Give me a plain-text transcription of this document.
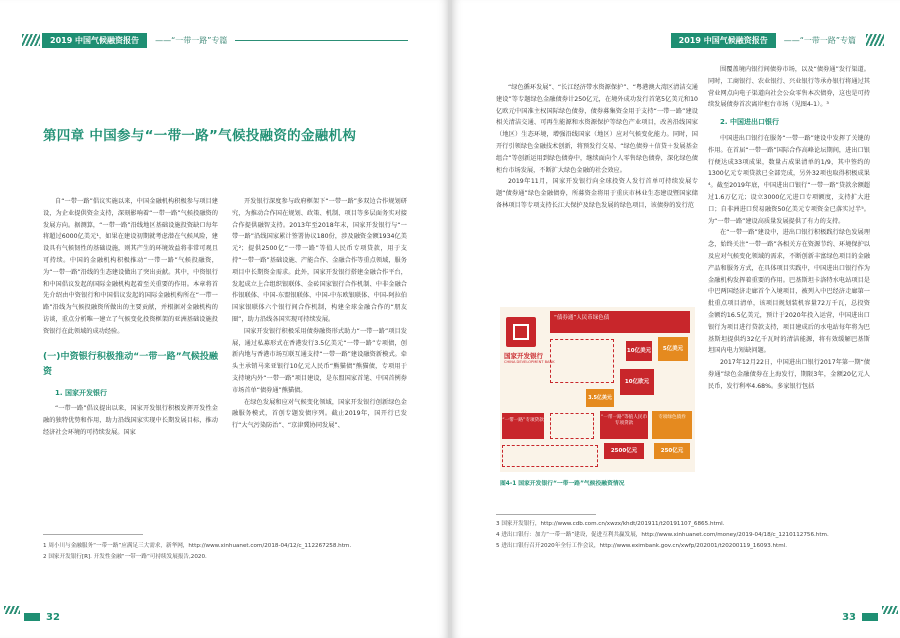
2019 中国气候融资报告	——“一带一路”专篇
第四章 中国参与“一带一路”气候投融资的金融机构

自“一带一路”倡议实施以来，中国金融机构积极参与项目建设，为企业提供资金支持，深刻影响着“一带一路”气候投融资的发展方向。据测算，“一带一路”沿线地区基础设施投资缺口每年将超过6000亿美元¹，如果在建设初期就考虑潜在气候风险，建设具有气候韧性的基础设施，则其产生的环境效益将非常可观且可持续。中国的金融机构积极推动“一带一路”气候投融资，为“一带一路”沿线的生态建设做出了突出贡献。其中，中资银行和中国倡议发起的国际金融机构起着至关重要的作用。本章将首先介绍由中资银行和中国倡议发起的国际金融机构所在“一带一路”沿线为气候投融资所做出的主要贡献，并根据对金融机构的访谈，重点分析唯一建立了气候变化投资框架的亚洲基础设施投资银行在此领域的成功经验。

(一)中资银行积极推动“一带一路”气候投融资
1. 国家开发银行

“一带一路”倡议提出以来，国家开发银行积极发挥开发性金融的独特优势和作用，助力沿线国家实现中长期发展目标，推动经济社会环境的可持续发展。国家

开发银行深度参与政府框架下“一带一路”多双边合作规划研究，为推动合作国在规划、政策、机制、项目等多层面务实对接合作提供融智支持。2013年至2018年末，国家开发银行与“一带一路”沿线国家累计签署协议180份，涉及融资金额1934亿美元²；提供2500亿“一带一路”等值人民币专项贷款，用于支持“一带一路”基础设施、产能合作、金融合作等重点领域，服务项目中长期资金需求。此外，国家开发银行搭建金融合作平台，发起成立上合组织银联体、金砖国家银行合作机制、中非金融合作银联体、中国-东盟银联体、中国-中东欧银联体、中国-阿拉伯国家银联体六个银行间合作机制，构建全球金融合作的“朋友圈”，助力沿线各国实现可持续发展。

国家开发银行积极采用债券融资形式助力“一带一路”项目发展，通过私募形式在香港发行3.5亿美元“一带一路”专项债，创新内地与香港市场互联互通支持“一带一路”建设融资新模式。牵头主承销马来亚银行10亿元人民币“熊猫债”熊猫债，专项用于支持境内外“一带一路”项目建设，是东盟国家首笔、中国首例券市场首单“债券通”熊猫债。

在绿色发展和应对气候变化领域，国家开发银行创新绿色金融服务模式，首创专题发债序列。截止2019年，国开行已发行“大气污染防治”、“京津冀协同发展”、

1 周小川与金融服务“一带一路”应满足三大需求，新华网，http://www.xinhuanet.com/2018-04/12/c_112267258.htm.
2 国家开发银行[R]. 开发性金融“一带一路”可持续发展报告,2020.
32
2019 中国气候融资报告	——“一带一路”专篇

“绿色循环发展”、“长江经济带水资源保护”、“粤港澳大湾区清洁交通建设”等专题绿色金融债券计250亿元，在境外成功发行首笔5亿美元和10亿欧元中国准主权国际绿色债券，债券募集资金用于支持“一带一路”建设相关清洁交通、可再生能源和水资源保护等绿色产业项目，改善沿线国家（地区）生态环境，增强沿线国家（地区）应对气候变化能力。同时，国开行引领绿色金融技术创新，将预发行交易、“绿色债券＋信贷＋发展基金组合”等创新运用到绿色债券中，继续面向个人零售绿色债券，深化绿色债柜台市场发展，不断扩大绿色金融的社会效应。

2019年11月，国家开发银行向全球投资人发行首单可持续发展专题“债券通”绿色金融债券，所募资金将用于重庆市林业生态建设暨国家储备林项目等专项支持长江大保护及绿色发展的绿色项目，该债券的发行范

国家开发银行
CHINA DEVELOPMENT BANK
“债券通”人民币绿色债
10亿美元	5亿美元
10亿欧元
3.5亿美元
“一带一路”专项贷款
“一带一路”等值人民币专项贷款
专项绿色债券
2500亿元	250亿元
图4-1 国家开发银行“一带一路”气候投融资情况

围覆盖境内银行间债券市场，以及“债券通”发行渠道。同时，工商银行、农业银行、兴业银行等承办银行将通过其营业网点向电子渠道向社会公众零售本次债券，这也是可持续发展债券首次离岸柜台市场（见图4-1）。³

2. 中国进出口银行

中国进出口银行在服务“一带一路”建设中发挥了关键的作用。在首届“一带一路”国际合作高峰论坛期间，进出口银行便达成33项成果，数量占成果清单的1/9，其中签约的1300亿元专项贷款已全部完成，另外32项也取得积极成果⁴。截至2019年底，中国进出口银行“一带一路”贷款余额超过1.6万亿元；设立3000亿元进口专项额度，支持扩大进口；自非洲进口贸易融资50亿美元专项资金已落实过半⁵。为“一带一路”建设高质量发展提供了有力的支持。

在“一带一路”建设中，进出口银行积极践行绿色发展理念，始终关注“一带一路”各相关方在资源节约、环境保护以及应对气候变化领域的需求，不断创新丰富绿色项目的金融产品和服务方式，在具体项目实践中，中国进出口银行作为金融机构发挥着重要的作用。巴基斯坦卡洛特水电站项目是中巴两国经济走廊首个入境项目，被列入中巴经济走廊第一批重点项目清单，该项目规划装机容量72万千瓦，总投资金额约16.5亿美元，预计于2020年投入运营，中国进出口银行为项目进行贷款支持，项目建成后的水电站每年将为巴基斯坦提供约32亿千瓦时的清洁能源，将有效缓解巴基斯坦国内电力短缺问题。

2017年12月22日，中国进出口银行2017年第一期“债券通”绿色金融债券在上海发行，期限3年，金额20亿元人民币，发行利率4.68%。多家银行包括

3 国家开发银行，http://www.cdb.com.cn/xwzx/khdt/201911/t20191107_6865.html.
4 进出口银行：加力“一带一路”建设，促进互利共赢发展，http://www.xinhuanet.com/money/2019-04/18/c_1210112756.htm.
5 进出口银行召开2020年全行工作会议，http://www.eximbank.gov.cn/xwfp/202001/t20200119_16093.html.
33
